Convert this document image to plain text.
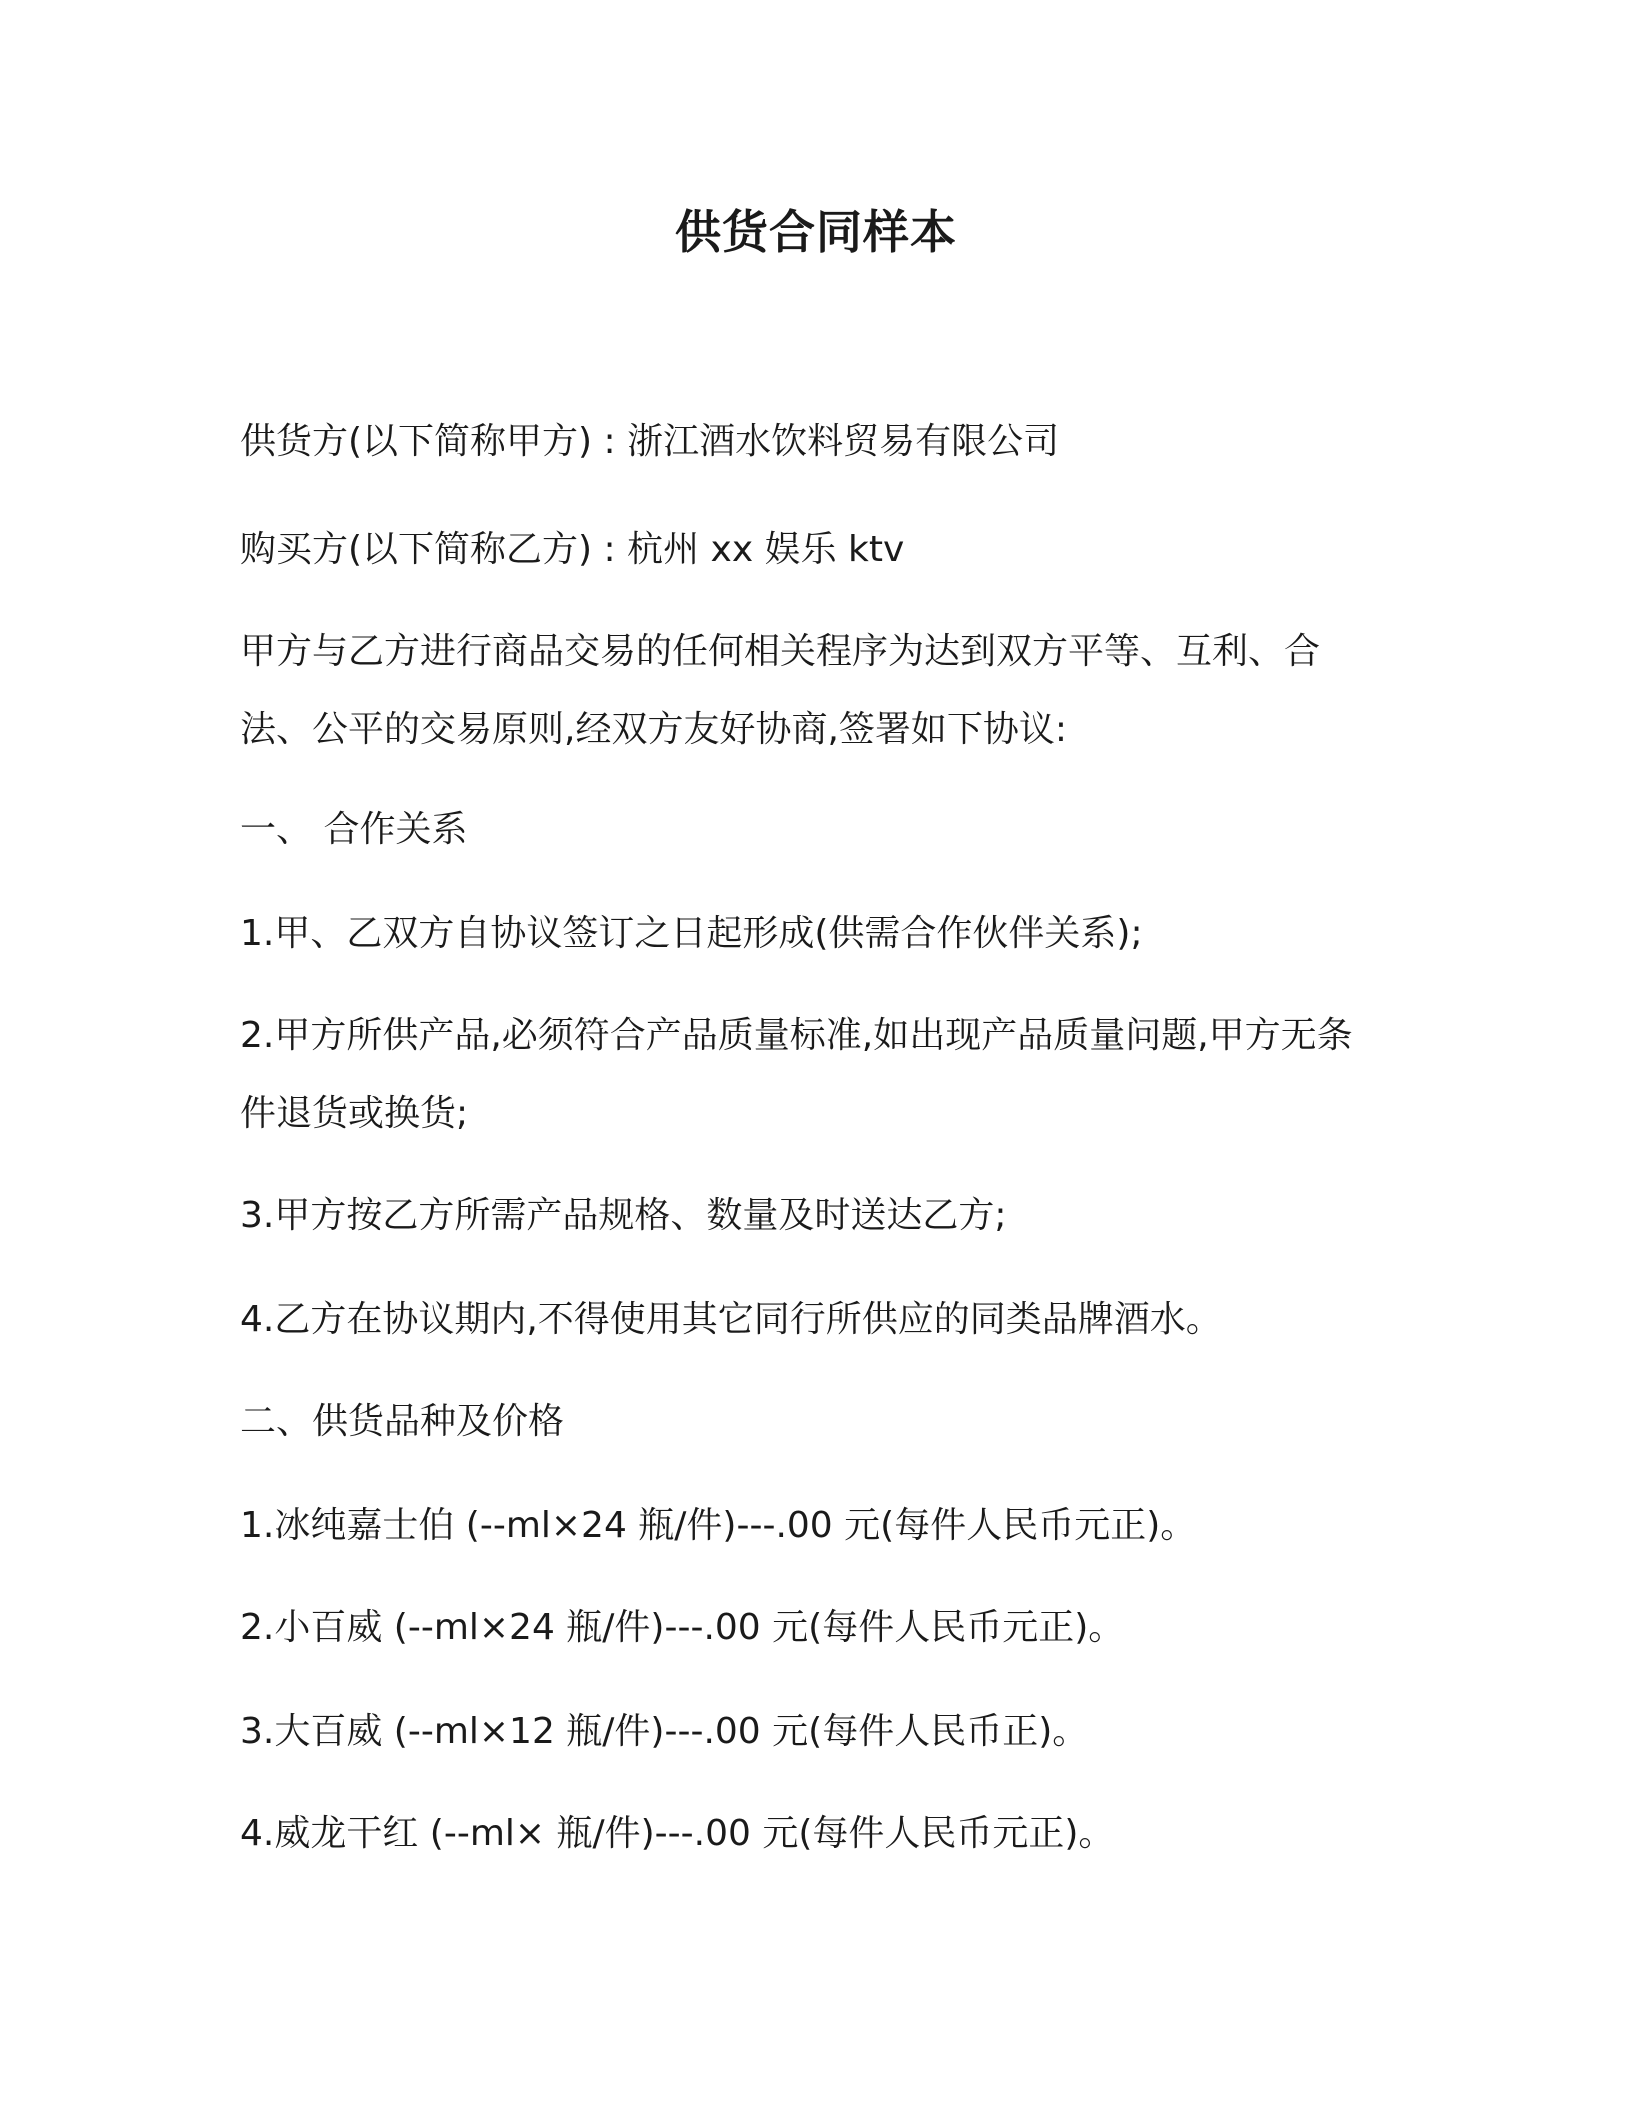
供货合同样本
供货方(以下简称甲方) : 浙江酒水饮料贸易有限公司
购买方(以下简称乙方) : 杭州 xx 娱乐 ktv
甲方与乙方进行商品交易的任何相关程序为达到双方平等、互利、合
法、公平的交易原则,经双方友好协商,签署如下协议:
一、 合作关系
1.甲、乙双方自协议签订之日起形成(供需合作伙伴关系);
2.甲方所供产品,必须符合产品质量标准,如出现产品质量问题,甲方无条
件退货或换货;
3.甲方按乙方所需产品规格、数量及时送达乙方;
4.乙方在协议期内,不得使用其它同行所供应的同类品牌酒水。
二、供货品种及价格
1.冰纯嘉士伯 (--ml×24 瓶/件)---.00 元(每件人民币元正)。
2.小百威 (--ml×24 瓶/件)---.00 元(每件人民币元正)。
3.大百威 (--ml×12 瓶/件)---.00 元(每件人民币正)。
4.威龙干红 (--ml× 瓶/件)---.00 元(每件人民币元正)。
